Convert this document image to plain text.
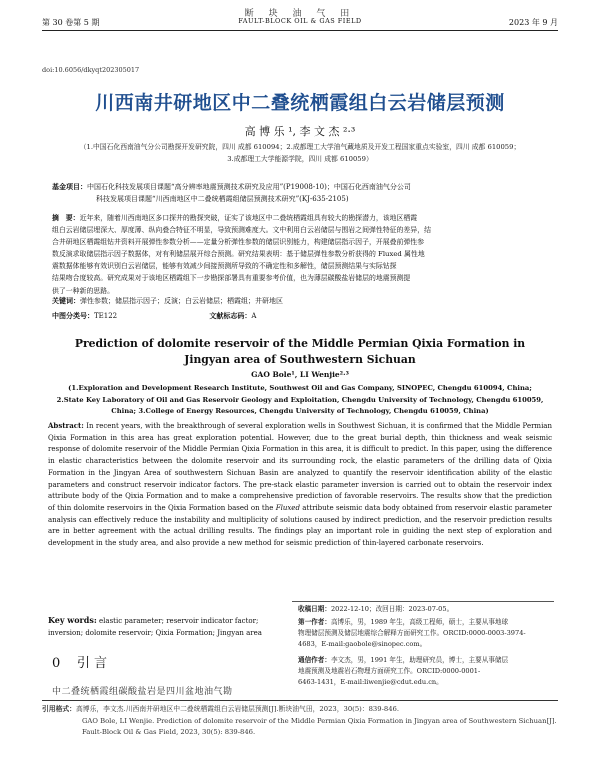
断 块 油 气 田
第 30 卷第 5 期	FAULT-BLOCK OIL & GAS FIELD	2023 年 9 月
doi:10.6056/dkyqt202305017
川西南井研地区中二叠统栖霞组白云岩储层预测
高 博 乐 ¹, 李 文 杰 ²·³
（1.中国石化西南油气分公司勘探开发研究院，四川 成都 610094；2.成都理工大学油气藏地质及开发工程国家重点实验室，四川 成都 610059；
3.成都理工大学能源学院，四川 成都 610059）
基金项目：中国石化科技发展项目课题“高分辨率地震预测技术研究及应用”(P19008-10)；中国石化西南油气分公司
科技发展项目课题“川西南地区中二叠统栖霞组储层预测技术研究”(KJ-635-2105)
摘　要：近年来，随着川西南地区多口探井的勘探突破，证实了该地区中二叠统栖霞组具有较大的勘探潜力，该地区栖霞
组白云岩储层埋深大、厚度薄、纵向叠合特征不明显，导致预测难度大。文中利用白云岩储层与围岩之间弹性特征的差异，结
合井研地区栖霞组钻井资料开展弹性参数分析——定量分析弹性参数的储层识别能力，构建储层指示因子，开展叠前弹性参
数反演求取储层指示因子数据体，对有利储层展开综合预测。研究结果表明：基于储层弹性参数分析获得的 Fluxed 属性地
震数据体能够有效识别白云岩储层，能够有效减少间接预测所导致的不确定性和多解性，储层预测结果与实际钻探
结果吻合度较高。研究成果对于该地区栖霞组下一步勘探部署具有重要参考价值，也为薄层碳酸盐岩储层的地震预测提
供了一种新的思路。
关键词：弹性参数；储层指示因子；反演；白云岩储层；栖霞组；井研地区
中图分类号：TE122	文献标志码：A
Prediction of dolomite reservoir of the Middle Permian Qixia Formation in Jingyan area of Southwestern Sichuan
GAO Bole¹, LI Wenjie²·³
(1.Exploration and Development Research Institute, Southwest Oil and Gas Company, SINOPEC, Chengdu 610094, China;
2.State Key Laboratory of Oil and Gas Reservoir Geology and Exploitation, Chengdu University of Technology, Chengdu 610059,
China; 3.College of Energy Resources, Chengdu University of Technology, Chengdu 610059, China)
Abstract: In recent years, with the breakthrough of several exploration wells in Southwest Sichuan, it is confirmed that the Middle Permian Qixia Formation in this area has great exploration potential. However, due to the great burial depth, thin thickness and weak seismic response of dolomite reservoir of the Middle Permian Qixia Formation in this area, it is difficult to predict. In this paper, using the difference in elastic characteristics between the dolomite reservoir and its surrounding rock, the elastic parameters of the drilling data of Qixia Formation in the Jingyan Area of southwestern Sichuan Basin are analyzed to quantify the reservoir identification ability of the elastic parameters and construct reservoir indicator factors. The pre-stack elastic parameter inversion is carried out to obtain the reservoir index attribute body of the Qixia Formation and to make a comprehensive prediction of favorable reservoirs. The results show that the prediction of thin dolomite reservoirs in the Qixia Formation based on the Fluxed attribute seismic data body obtained from reservoir elastic parameter analysis can effectively reduce the instability and multiplicity of solutions caused by indirect prediction, and the reservoir prediction results are in better agreement with the actual drilling results. The findings play an important role in guiding the next step of exploration and development in the study area, and also provide a new method for seismic prediction of thin-layered carbonate reservoirs.
Key words: elastic parameter; reservoir indicator factor; inversion; dolomite reservoir; Qixia Formation; Jingyan area
0 引 言
中二叠统栖霞组碳酸盐岩是四川盆地油气勘
收稿日期：2022-12-10；改回日期：2023-07-05。
第一作者：高博乐，男，1989 年生，高级工程师，硕士，主要从事地球
物理储层预测及储层地震综合解释方面研究工作。ORCID:0000-0003-3974-
4683，E-mail:gaobole@sinopec.com。
通信作者：李文杰，男，1991 年生，助理研究员，博士，主要从事储层
地震预测及地震岩石物理方面研究工作。ORCID:0000-0001-
6463-1431，E-mail:liwenjie@cdut.edu.cn。
引用格式：高博乐，李文杰.川西南井研地区中二叠统栖霞组白云岩储层预测[J].断块油气田，2023，30(5)：839-846.
GAO Bole, LI Wenjie. Prediction of dolomite reservoir of the Middle Permian Qixia Formation in Jingyan area of Southwestern Sichuan[J].
Fault-Block Oil & Gas Field, 2023, 30(5): 839-846.
